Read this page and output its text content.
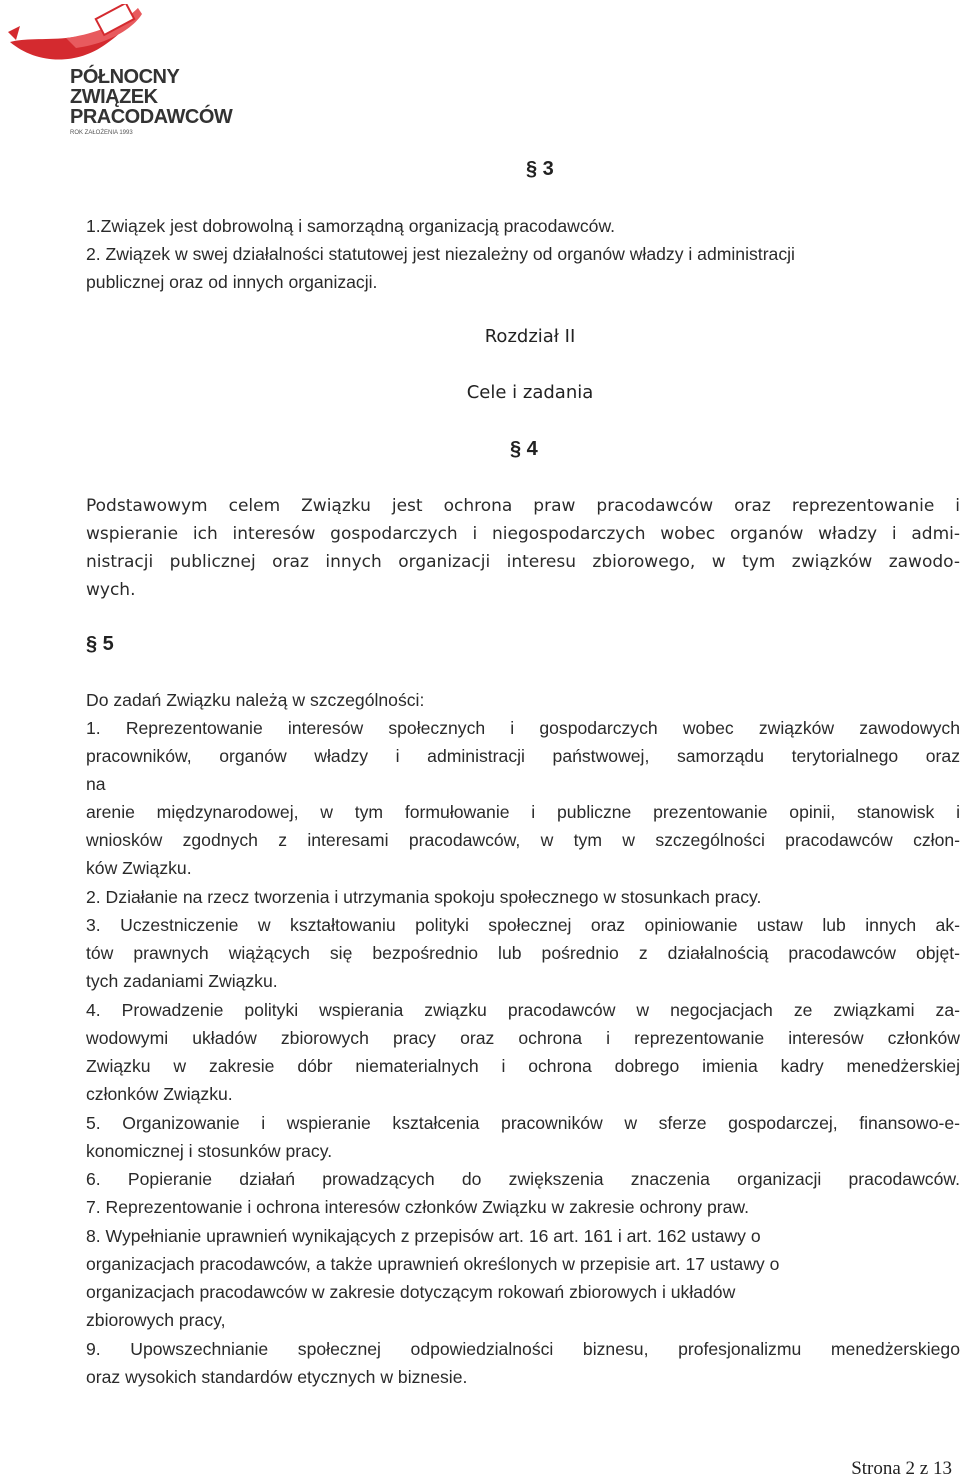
PÓŁNOCNY
ZWIĄZEK
PRACODAWCÓW
ROK ZAŁOŻENIA 1993
§ 3
1.Związek jest dobrowolną i samorządną organizacją pracodawców.
2. Związek w swej działalności statutowej jest niezależny od organów władzy i administracji
publicznej oraz od innych organizacji.
Rozdział II
Cele i zadania
§ 4
Podstawowym celem Związku jest ochrona praw pracodawców oraz reprezentowanie i
wspieranie ich interesów gospodarczych i niegospodarczych wobec organów władzy i admi-
nistracji publicznej oraz innych organizacji interesu zbiorowego, w tym związków zawodo-
wych.
§ 5
Do zadań Związku należą w szczególności:
1. Reprezentowanie interesów społecznych i gospodarczych wobec związków zawodowych
pracowników, organów władzy i administracji państwowej, samorządu terytorialnego oraz
na
arenie międzynarodowej, w tym formułowanie i publiczne prezentowanie opinii, stanowisk i
wniosków zgodnych z interesami pracodawców, w tym w szczególności pracodawców człon-
ków Związku.
2. Działanie na rzecz tworzenia i utrzymania spokoju społecznego w stosunkach pracy.
3. Uczestniczenie w kształtowaniu polityki społecznej oraz opiniowanie ustaw lub innych ak-
tów prawnych wiążących się bezpośrednio lub pośrednio z działalnością pracodawców objęt-
tych zadaniami Związku.
4. Prowadzenie polityki wspierania związku pracodawców w negocjacjach ze związkami za-
wodowymi układów zbiorowych pracy oraz ochrona i reprezentowanie interesów członków
Związku w zakresie dóbr niematerialnych i ochrona dobrego imienia kadry menedżerskiej
członków Związku.
5. Organizowanie i wspieranie kształcenia pracowników w sferze gospodarczej, finansowo-e-
konomicznej i stosunków pracy.
6. Popieranie działań prowadzących do zwiększenia znaczenia organizacji pracodawców.
7. Reprezentowanie i ochrona interesów członków Związku w zakresie ochrony praw.
8. Wypełnianie uprawnień wynikających z przepisów art. 16 art. 161 i art. 162 ustawy o
organizacjach pracodawców, a także uprawnień określonych w przepisie art. 17 ustawy o
organizacjach pracodawców w zakresie dotyczącym rokowań zbiorowych i układów
zbiorowych pracy,
9. Upowszechnianie społecznej odpowiedzialności biznesu, profesjonalizmu menedżerskiego
oraz wysokich standardów etycznych w biznesie.
Strona 2 z 13
